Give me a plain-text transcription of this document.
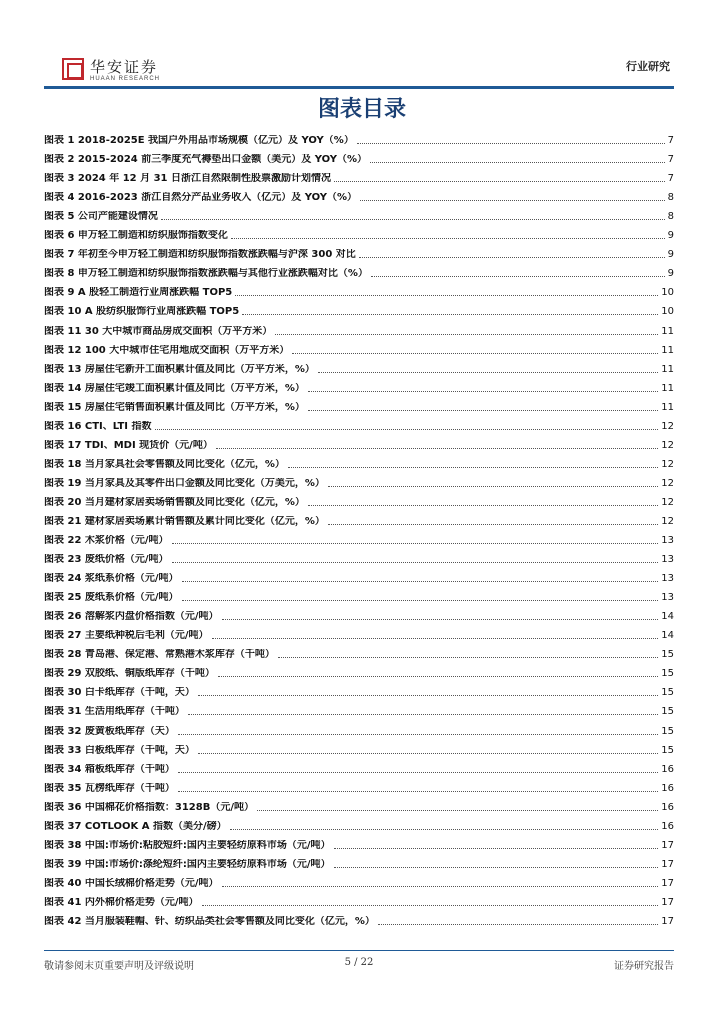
华安证券
HUAAN RESEARCH
行业研究
图表目录
图表 1 2018-2025E 我国户外用品市场规模（亿元）及 YOY（%）	7
图表 2 2015-2024 前三季度充气褥垫出口金额（美元）及 YOY（%）	7
图表 3 2024 年 12 月 31 日浙江自然限制性股票激励计划情况	7
图表 4 2016-2023 浙江自然分产品业务收入（亿元）及 YOY（%）	8
图表 5 公司产能建设情况	8
图表 6 申万轻工制造和纺织服饰指数变化	9
图表 7 年初至今申万轻工制造和纺织服饰指数涨跌幅与沪深 300 对比	9
图表 8 申万轻工制造和纺织服饰指数涨跌幅与其他行业涨跌幅对比（%）	9
图表 9 A 股轻工制造行业周涨跌幅 TOP5	10
图表 10 A 股纺织服饰行业周涨跌幅 TOP5	10
图表 11 30 大中城市商品房成交面积（万平方米）	11
图表 12 100 大中城市住宅用地成交面积（万平方米）	11
图表 13 房屋住宅新开工面积累计值及同比（万平方米，%）	11
图表 14 房屋住宅竣工面积累计值及同比（万平方米，%）	11
图表 15 房屋住宅销售面积累计值及同比（万平方米，%）	11
图表 16 CTI、LTI 指数	12
图表 17 TDI、MDI 现货价（元/吨）	12
图表 18 当月家具社会零售额及同比变化（亿元，%）	12
图表 19 当月家具及其零件出口金额及同比变化（万美元，%）	12
图表 20 当月建材家居卖场销售额及同比变化（亿元，%）	12
图表 21 建材家居卖场累计销售额及累计同比变化（亿元，%）	12
图表 22 木浆价格（元/吨）	13
图表 23 废纸价格（元/吨）	13
图表 24 浆纸系价格（元/吨）	13
图表 25 废纸系价格（元/吨）	13
图表 26 溶解浆内盘价格指数（元/吨）	14
图表 27 主要纸种税后毛利（元/吨）	14
图表 28 青岛港、保定港、常熟港木浆库存（千吨）	15
图表 29 双胶纸、铜版纸库存（千吨）	15
图表 30 白卡纸库存（千吨，天）	15
图表 31 生活用纸库存（千吨）	15
图表 32 废黄板纸库存（天）	15
图表 33 白板纸库存（千吨，天）	15
图表 34 箱板纸库存（千吨）	16
图表 35 瓦楞纸库存（千吨）	16
图表 36 中国棉花价格指数：3128B（元/吨）	16
图表 37 COTLOOK A 指数（美分/磅）	16
图表 38 中国:市场价:粘胶短纤:国内主要轻纺原料市场（元/吨）	17
图表 39 中国:市场价:涤纶短纤:国内主要轻纺原料市场（元/吨）	17
图表 40 中国长绒棉价格走势（元/吨）	17
图表 41 内外棉价格走势（元/吨）	17
图表 42 当月服装鞋帽、针、纺织品类社会零售额及同比变化（亿元，%）	17
敬请参阅末页重要声明及评级说明	5 / 22	证券研究报告
